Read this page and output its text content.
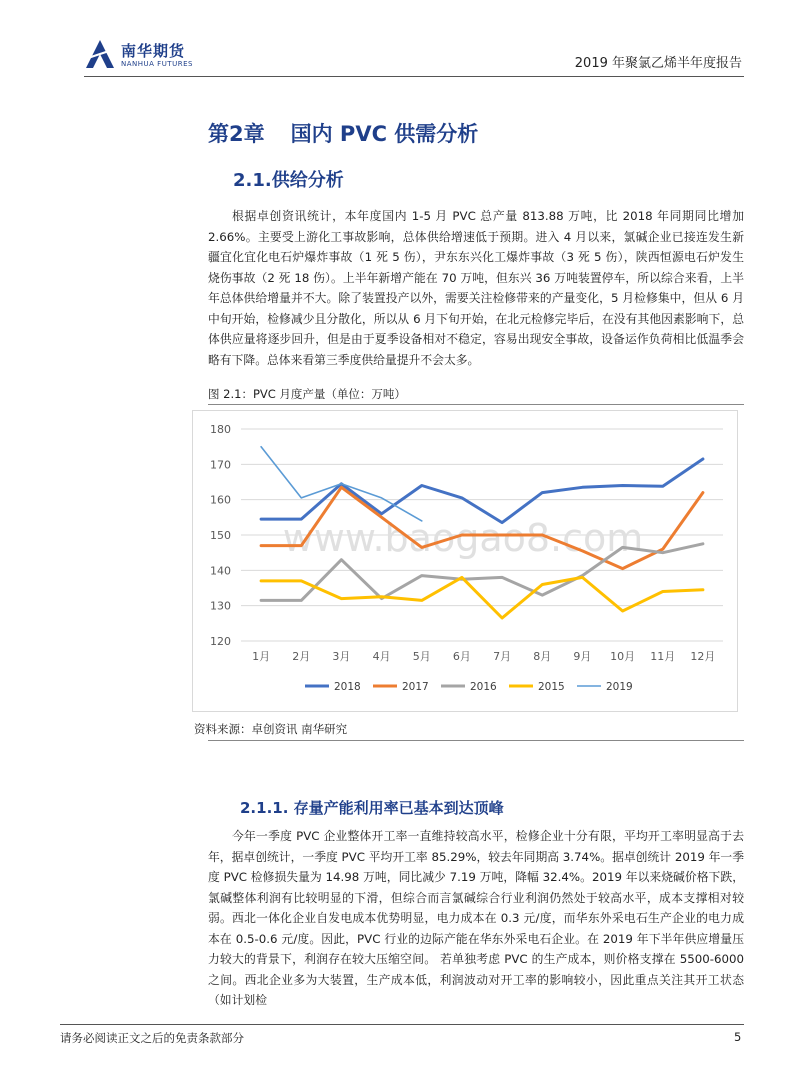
南华期货
NANHUA FUTURES	2019 年聚氯乙烯半年度报告
第2章 国内 PVC 供需分析
2.1.供给分析

根据卓创资讯统计，本年度国内 1-5 月 PVC 总产量 813.88 万吨，比 2018 年同期同比增加 2.66%。主要受上游化工事故影响，总体供给增速低于预期。进入 4 月以来，氯碱企业已接连发生新疆宜化宜化电石炉爆炸事故（1 死 5 伤），尹东东兴化工爆炸事故（3 死 5 伤），陕西恒源电石炉发生烧伤事故（2 死 18 伤）。上半年新增产能在 70 万吨，但东兴 36 万吨装置停车，所以综合来看，上半年总体供给增量并不大。除了装置投产以外，需要关注检修带来的产量变化，5 月检修集中，但从 6 月中旬开始，检修减少且分散化，所以从 6 月下旬开始，在北元检修完毕后，在没有其他因素影响下，总体供应量将逐步回升，但是由于夏季设备相对不稳定，容易出现安全事故，设备运作负荷相比低温季会略有下降。总体来看第三季度供给量提升不会太多。

图 2.1：PVC 月度产量（单位：万吨）
www.baogao8.com
120
130
140
150
160
170
180
1月 2月 3月 4月 5月 6月 7月 8月 9月 10月 11月 12月
2018	2017	2016	2015	2019
资料来源：卓创资讯 南华研究
2.1.1. 存量产能利用率已基本到达顶峰

今年一季度 PVC 企业整体开工率一直维持较高水平，检修企业十分有限，平均开工率明显高于去年，据卓创统计，一季度 PVC 平均开工率 85.29%，较去年同期高 3.74%。据卓创统计 2019 年一季度 PVC 检修损失量为 14.98 万吨，同比减少 7.19 万吨，降幅 32.4%。2019 年以来烧碱价格下跌，氯碱整体利润有比较明显的下滑，但综合而言氯碱综合行业利润仍然处于较高水平，成本支撑相对较弱。西北一体化企业自发电成本优势明显，电力成本在 0.3 元/度，而华东外采电石生产企业的电力成本在 0.5-0.6 元/度。因此，PVC 行业的边际产能在华东外采电石企业。在 2019 年下半年供应增量压力较大的背景下，利润存在较大压缩空间。 若单独考虑 PVC 的生产成本，则价格支撑在 5500-6000 之间。西北企业多为大装置，生产成本低，利润波动对开工率的影响较小，因此重点关注其开工状态（如计划检

请务必阅读正文之后的免责条款部分	5
